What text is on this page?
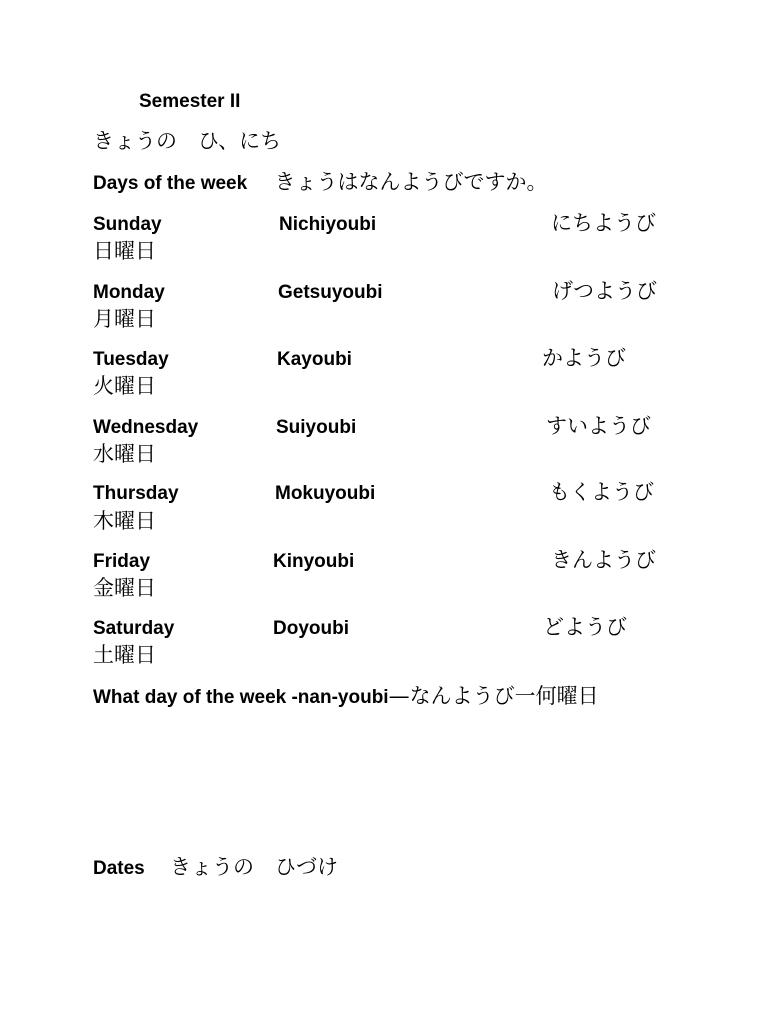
Semester II
きょうの　ひ、にち
Days of the week きょうはなんようびですか。
Sunday	Nichiyoubi	にちようび
日曜日
Monday	Getsuyoubi	げつようび
月曜日
Tuesday	Kayoubi	かようび
火曜日
Wednesday	Suiyoubi	すいようび
水曜日
Thursday	Mokuyoubi	もくようび
木曜日
Friday	Kinyoubi	きんようび
金曜日
Saturday	Doyoubi	どようび
土曜日
What day of the week -nan-youbi—なんようび一何曜日
Dates きょうの　ひづけ
